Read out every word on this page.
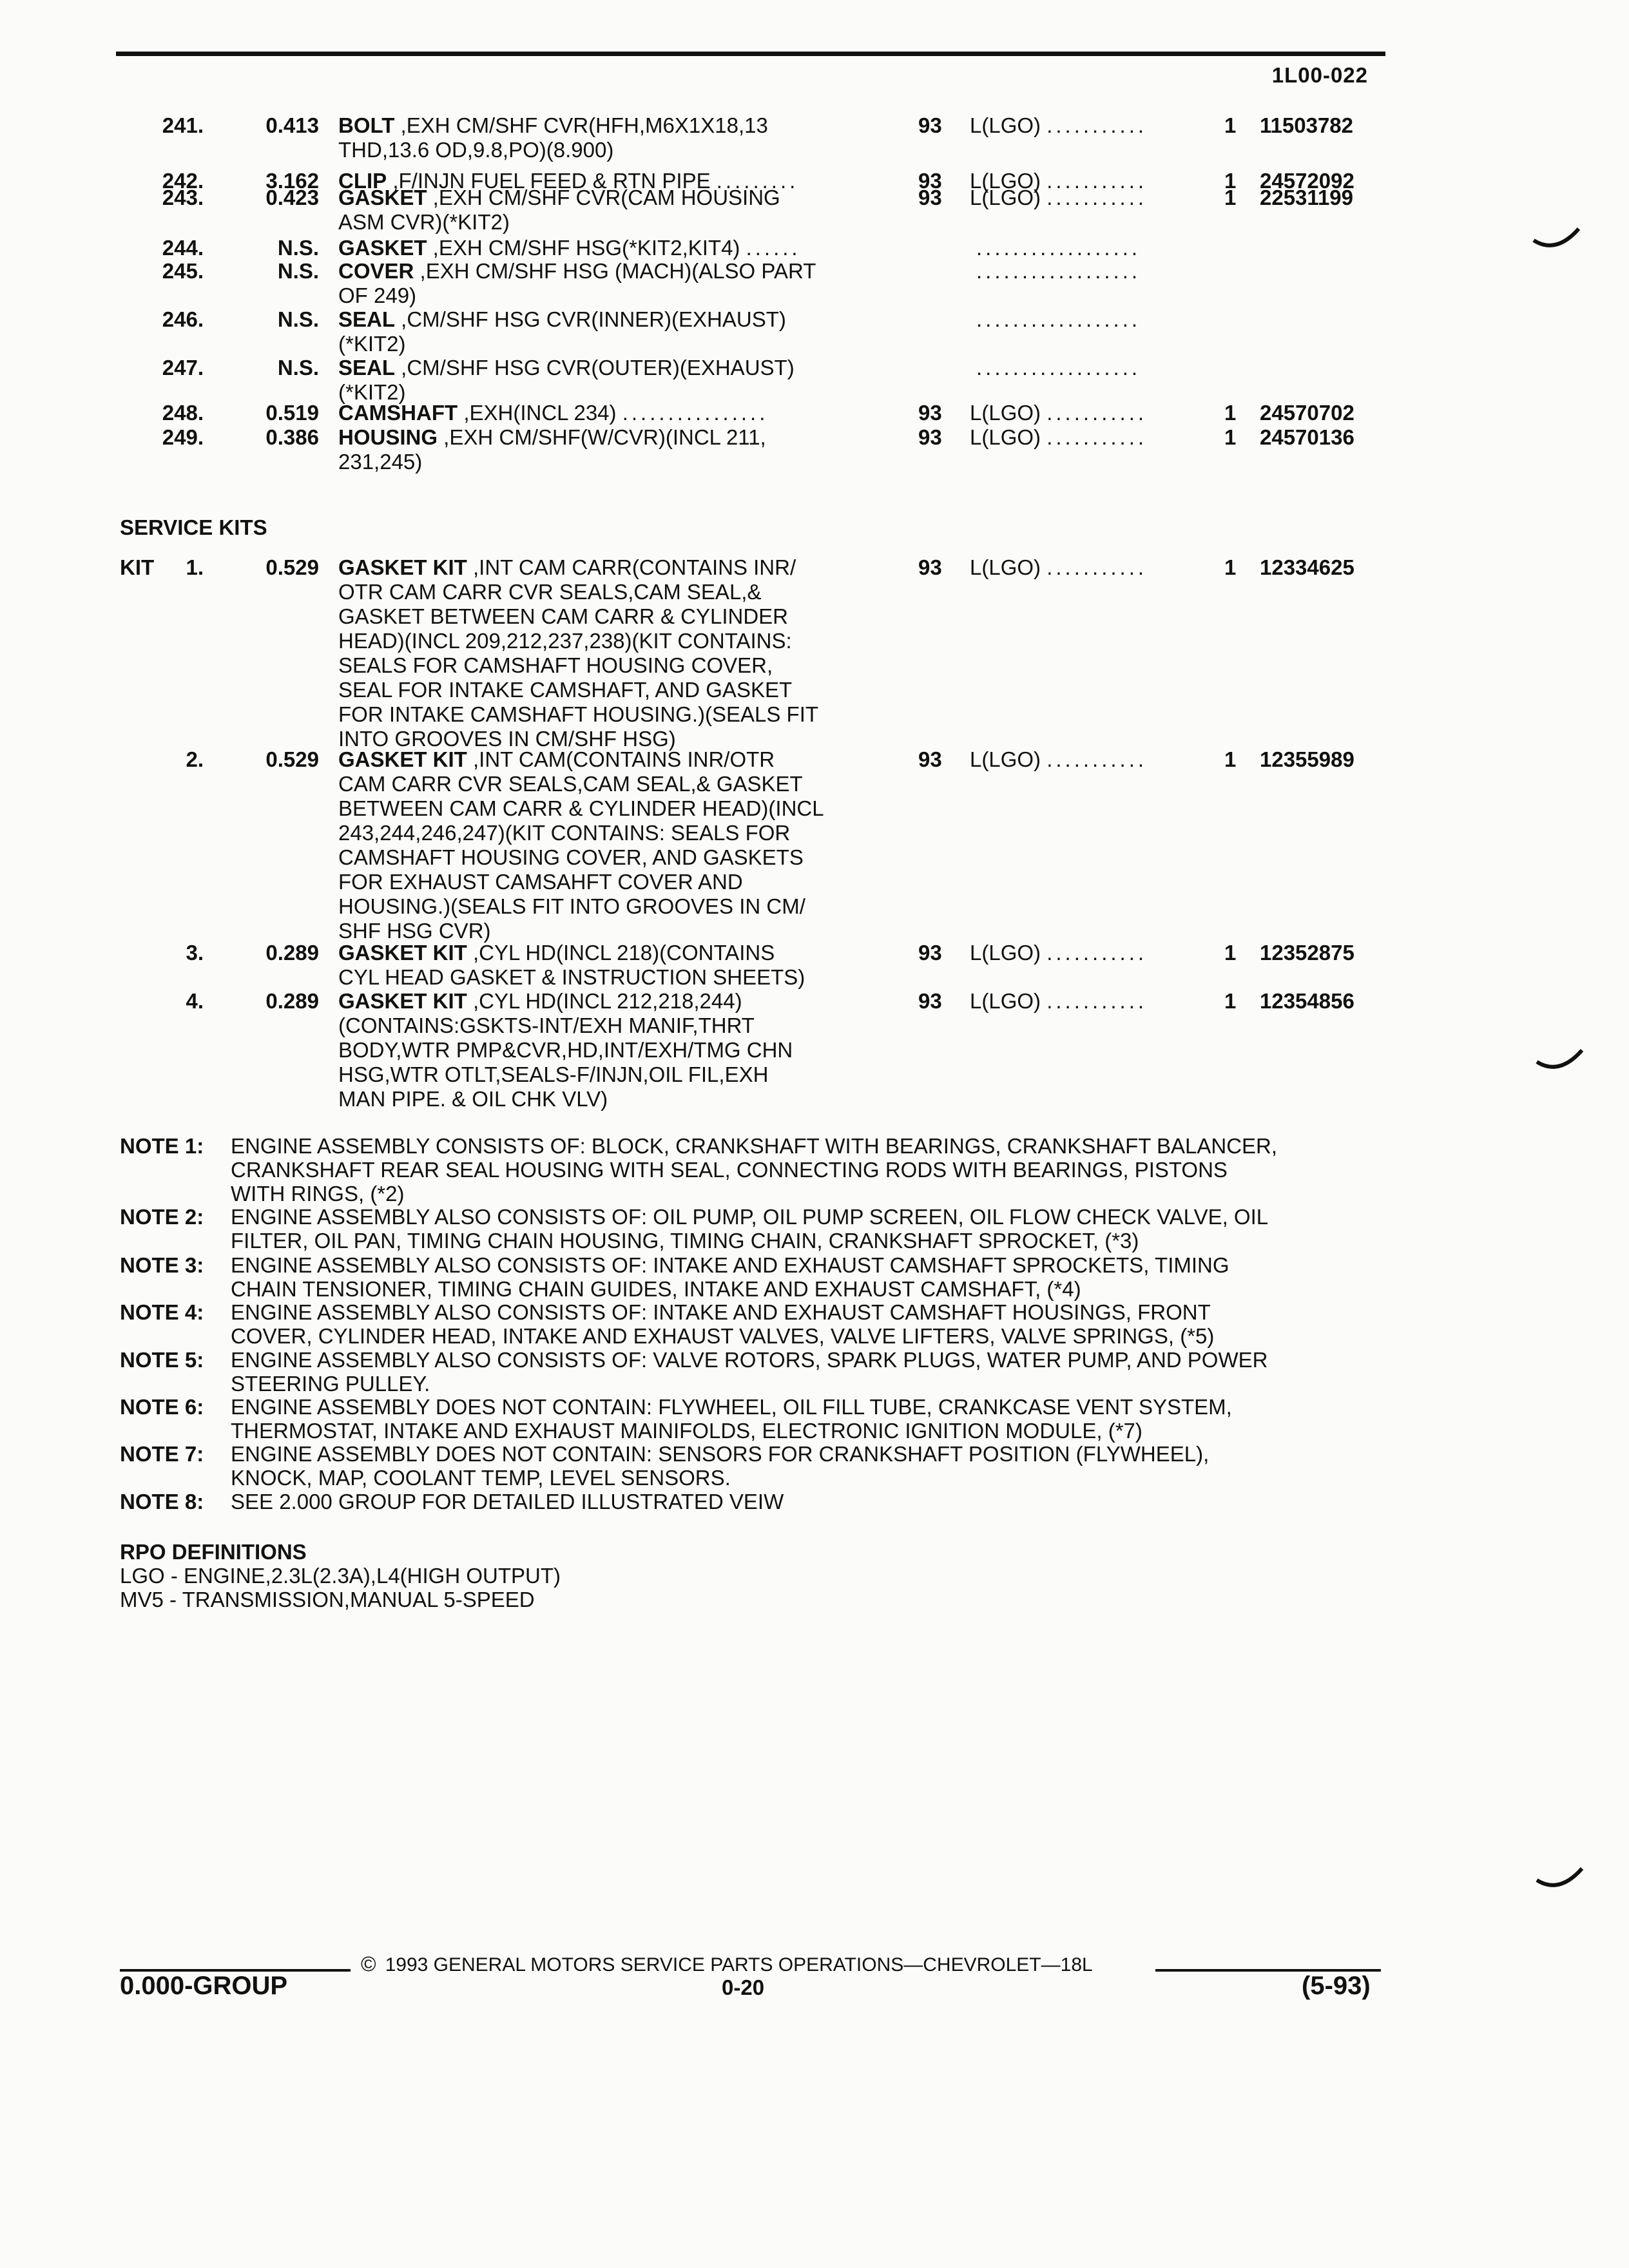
1L00-022
241.	0.413 BOLT ,EXH CM/SHF CVR(HFH,M6X1X18,13
THD,13.6 OD,9.8,PO)(8.900)
93	L(LGO) ...........	1	11503782
242.	3.162 CLIP ,F/INJN FUEL FEED & RTN PIPE .........	93	L(LGO) ...........	1	24572092
243.	0.423 GASKET ,EXH CM/SHF CVR(CAM HOUSING
ASM CVR)(*KIT2)
93	L(LGO) ...........	1	22531199
244.	N.S. GASKET ,EXH CM/SHF HSG(*KIT2,KIT4) ......	..................
245.	N.S. COVER ,EXH CM/SHF HSG (MACH)(ALSO PART
OF 249)
..................
246.	N.S. SEAL ,CM/SHF HSG CVR(INNER)(EXHAUST)
(*KIT2)
..................
247.	N.S. SEAL ,CM/SHF HSG CVR(OUTER)(EXHAUST)
(*KIT2)
..................
248.	0.519 CAMSHAFT ,EXH(INCL 234) ................	93	L(LGO) ...........	1	24570702
249.	0.386 HOUSING ,EXH CM/SHF(W/CVR)(INCL 211,
231,245)
93	L(LGO) ...........	1	24570136
SERVICE KITS
KIT	1.	0.529 GASKET KIT ,INT CAM CARR(CONTAINS INR/
OTR CAM CARR CVR SEALS,CAM SEAL,&
GASKET BETWEEN CAM CARR & CYLINDER
HEAD)(INCL 209,212,237,238)(KIT CONTAINS:
SEALS FOR CAMSHAFT HOUSING COVER,
SEAL FOR INTAKE CAMSHAFT, AND GASKET
FOR INTAKE CAMSHAFT HOUSING.)(SEALS FIT
INTO GROOVES IN CM/SHF HSG)
93	L(LGO) ...........	1	12334625
2.	0.529 GASKET KIT ,INT CAM(CONTAINS INR/OTR
CAM CARR CVR SEALS,CAM SEAL,& GASKET
BETWEEN CAM CARR & CYLINDER HEAD)(INCL
243,244,246,247)(KIT CONTAINS: SEALS FOR
CAMSHAFT HOUSING COVER, AND GASKETS
FOR EXHAUST CAMSAHFT COVER AND
HOUSING.)(SEALS FIT INTO GROOVES IN CM/
SHF HSG CVR)
93	L(LGO) ...........	1	12355989
3.	0.289 GASKET KIT ,CYL HD(INCL 218)(CONTAINS
CYL HEAD GASKET & INSTRUCTION SHEETS)
93	L(LGO) ...........	1	12352875
4.	0.289 GASKET KIT ,CYL HD(INCL 212,218,244)
(CONTAINS:GSKTS-INT/EXH MANIF,THRT
BODY,WTR PMP&CVR,HD,INT/EXH/TMG CHN
HSG,WTR OTLT,SEALS-F/INJN,OIL FIL,EXH
MAN PIPE. & OIL CHK VLV)
93	L(LGO) ...........	1	12354856
NOTE 1:	ENGINE ASSEMBLY CONSISTS OF: BLOCK, CRANKSHAFT WITH BEARINGS, CRANKSHAFT BALANCER,
CRANKSHAFT REAR SEAL HOUSING WITH SEAL, CONNECTING RODS WITH BEARINGS, PISTONS
WITH RINGS, (*2)
NOTE 2:	ENGINE ASSEMBLY ALSO CONSISTS OF: OIL PUMP, OIL PUMP SCREEN, OIL FLOW CHECK VALVE, OIL
FILTER, OIL PAN, TIMING CHAIN HOUSING, TIMING CHAIN, CRANKSHAFT SPROCKET, (*3)
NOTE 3:	ENGINE ASSEMBLY ALSO CONSISTS OF: INTAKE AND EXHAUST CAMSHAFT SPROCKETS, TIMING
CHAIN TENSIONER, TIMING CHAIN GUIDES, INTAKE AND EXHAUST CAMSHAFT, (*4)
NOTE 4:	ENGINE ASSEMBLY ALSO CONSISTS OF: INTAKE AND EXHAUST CAMSHAFT HOUSINGS, FRONT
COVER, CYLINDER HEAD, INTAKE AND EXHAUST VALVES, VALVE LIFTERS, VALVE SPRINGS, (*5)
NOTE 5:	ENGINE ASSEMBLY ALSO CONSISTS OF: VALVE ROTORS, SPARK PLUGS, WATER PUMP, AND POWER
STEERING PULLEY.
NOTE 6:	ENGINE ASSEMBLY DOES NOT CONTAIN: FLYWHEEL, OIL FILL TUBE, CRANKCASE VENT SYSTEM,
THERMOSTAT, INTAKE AND EXHAUST MAINIFOLDS, ELECTRONIC IGNITION MODULE, (*7)
NOTE 7:	ENGINE ASSEMBLY DOES NOT CONTAIN: SENSORS FOR CRANKSHAFT POSITION (FLYWHEEL),
KNOCK, MAP, COOLANT TEMP, LEVEL SENSORS.
NOTE 8:	SEE 2.000 GROUP FOR DETAILED ILLUSTRATED VEIW
RPO DEFINITIONS
LGO - ENGINE,2.3L(2.3A),L4(HIGH OUTPUT)
MV5 - TRANSMISSION,MANUAL 5-SPEED
© 1993 GENERAL MOTORS SERVICE PARTS OPERATIONS—CHEVROLET—18L
0.000-GROUP	0-20	(5-93)
